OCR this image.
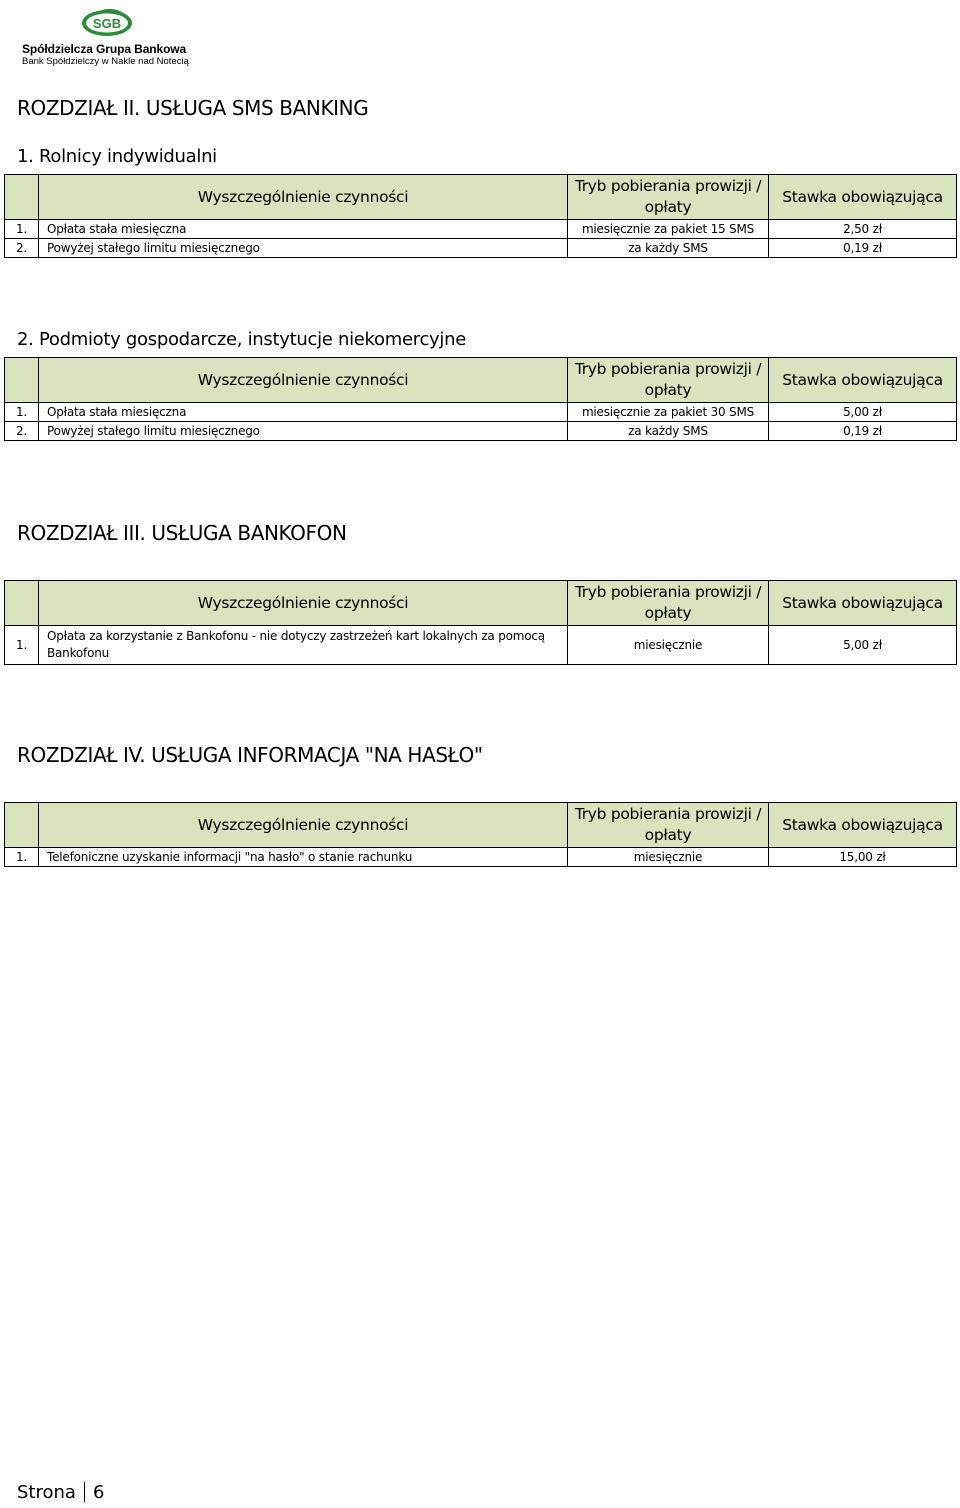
SGB
Spółdzielcza Grupa Bankowa
Bank Spółdzielczy w Nakle nad Notecią
ROZDZIAŁ II. USŁUGA SMS BANKING
1. Rolnicy indywidualni
	Wyszczególnienie czynności	Tryb pobierania prowizji / opłaty	Stawka obowiązująca
1.	Opłata stała miesięczna	miesięcznie za pakiet 15 SMS	2,50 zł
2.	Powyżej stałego limitu miesięcznego	za każdy SMS	0,19 zł
2. Podmioty gospodarcze, instytucje niekomercyjne
	Wyszczególnienie czynności	Tryb pobierania prowizji / opłaty	Stawka obowiązująca
1.	Opłata stała miesięczna	miesięcznie za pakiet 30 SMS	5,00 zł
2.	Powyżej stałego limitu miesięcznego	za każdy SMS	0,19 zł
ROZDZIAŁ III. USŁUGA BANKOFON
	Wyszczególnienie czynności	Tryb pobierania prowizji / opłaty	Stawka obowiązująca
1.	Opłata za korzystanie z Bankofonu - nie dotyczy zastrzeżeń kart lokalnych za pomocą Bankofonu	miesięcznie	5,00 zł
ROZDZIAŁ IV. USŁUGA INFORMACJA "NA HASŁO"
	Wyszczególnienie czynności	Tryb pobierania prowizji / opłaty	Stawka obowiązująca
1.	Telefoniczne uzyskanie informacji "na hasło" o stanie rachunku	miesięcznie	15,00 zł
Strona 6
